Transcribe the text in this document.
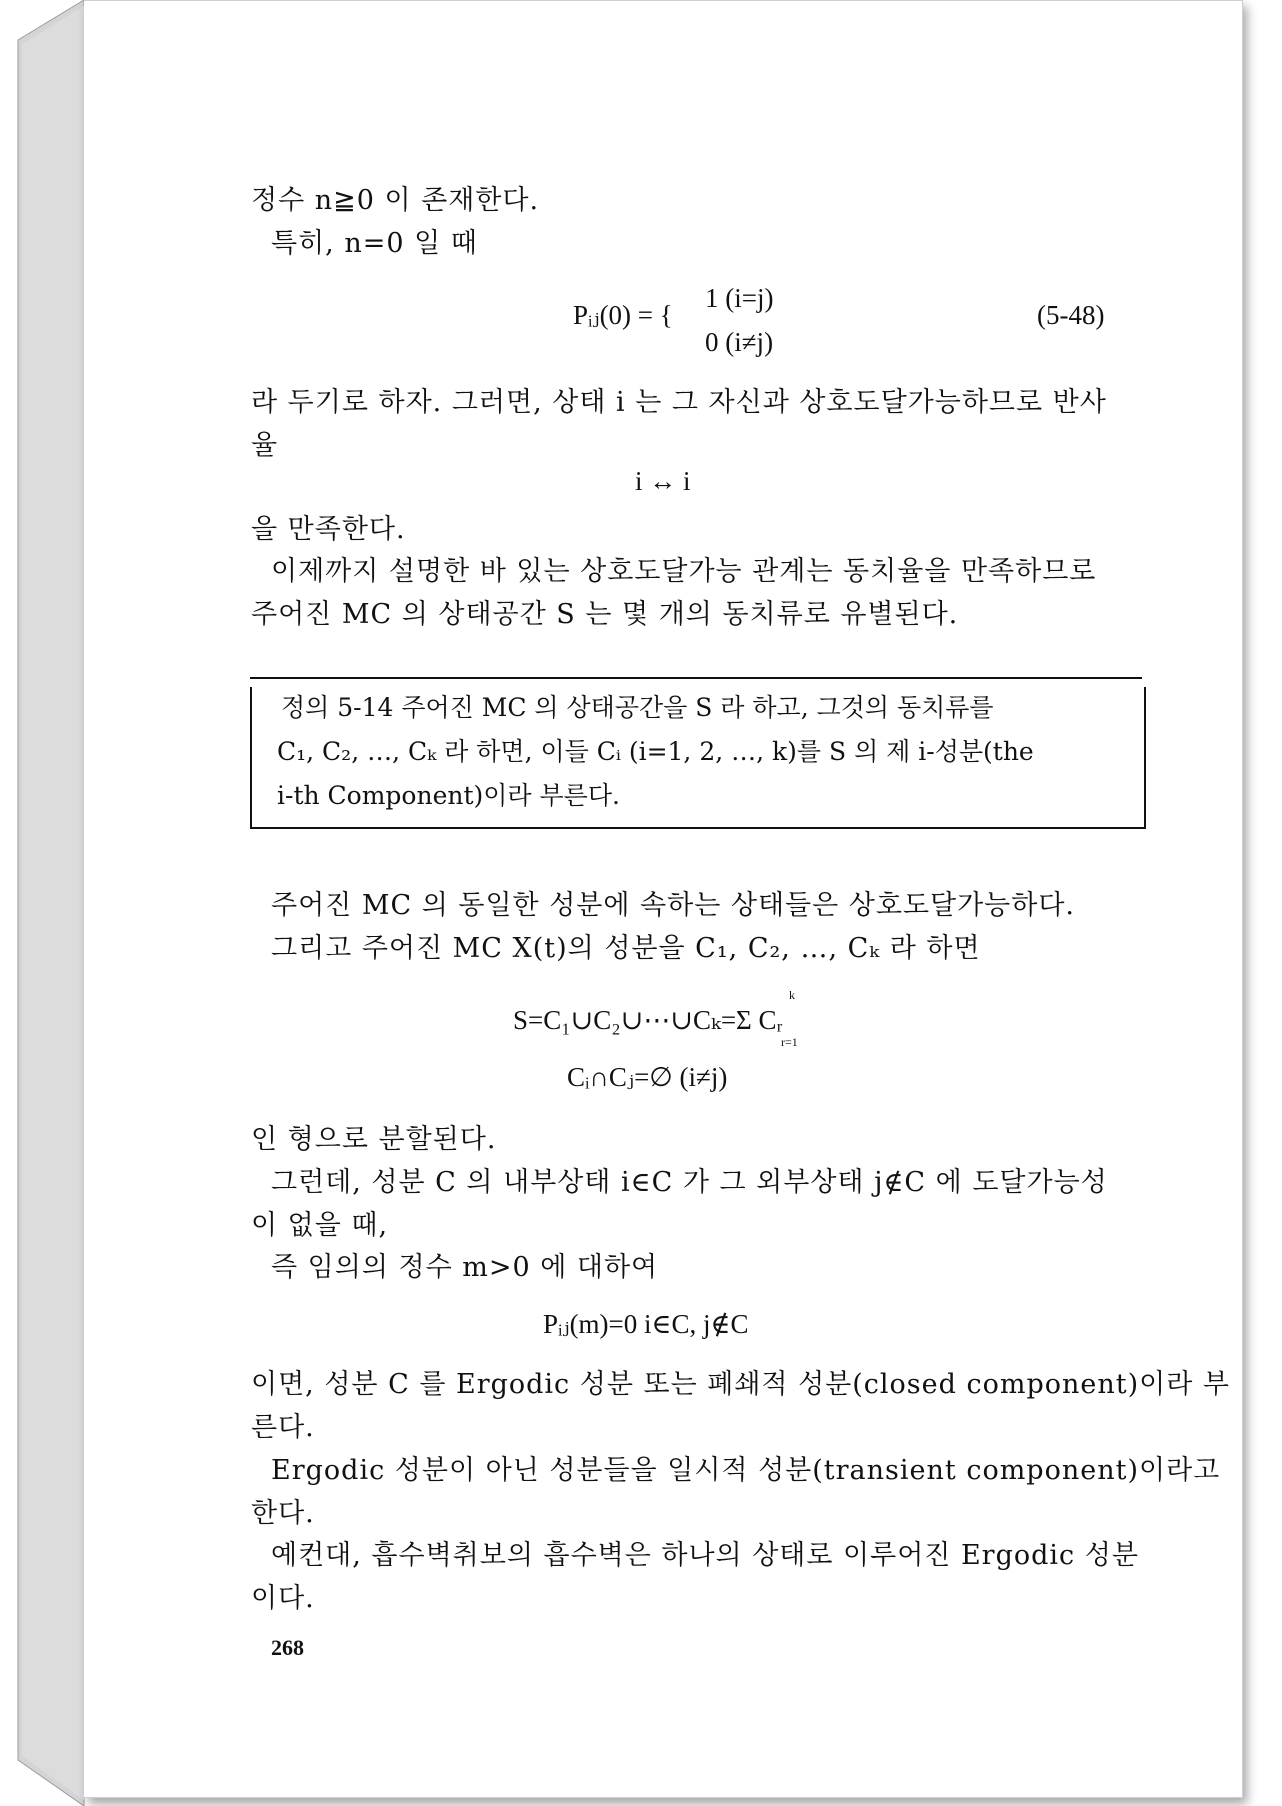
정수 n≧0 이 존재한다.
특히, n=0 일 때
Pᵢⱼ(0) = {
1 (i=j)
0 (i≠j)
(5-48)
라 두기로 하자. 그러면, 상태 i 는 그 자신과 상호도달가능하므로 반사
율
i ↔ i
을 만족한다.
이제까지 설명한 바 있는 상호도달가능 관계는 동치율을 만족하므로
주어진 MC 의 상태공간 S 는 몇 개의 동치류로 유별된다.
정의 5-14 주어진 MC 의 상태공간을 S 라 하고, 그것의 동치류를
C₁, C₂, …, Cₖ 라 하면, 이들 Cᵢ (i=1, 2, …, k)를 S 의 제 i-성분(the
i-th Component)이라 부른다.
주어진 MC 의 동일한 성분에 속하는 상태들은 상호도달가능하다.
그리고 주어진 MC X(t)의 성분을 C₁, C₂, …, Cₖ 라 하면
S=C₁∪C₂∪⋯∪Cₖ=Σ Cᵣ
k
r=1
Cᵢ∩Cⱼ=∅ (i≠j)
인 형으로 분할된다.
그런데, 성분 C 의 내부상태 i∈C 가 그 외부상태 j∉C 에 도달가능성
이 없을 때,
즉 임의의 정수 m>0 에 대하여
Pᵢⱼ(m)=0 i∈C, j∉C
이면, 성분 C 를 Ergodic 성분 또는 폐쇄적 성분(closed component)이라 부
른다.
Ergodic 성분이 아닌 성분들을 일시적 성분(transient component)이라고
한다.
예컨대, 흡수벽취보의 흡수벽은 하나의 상태로 이루어진 Ergodic 성분
이다.
268
